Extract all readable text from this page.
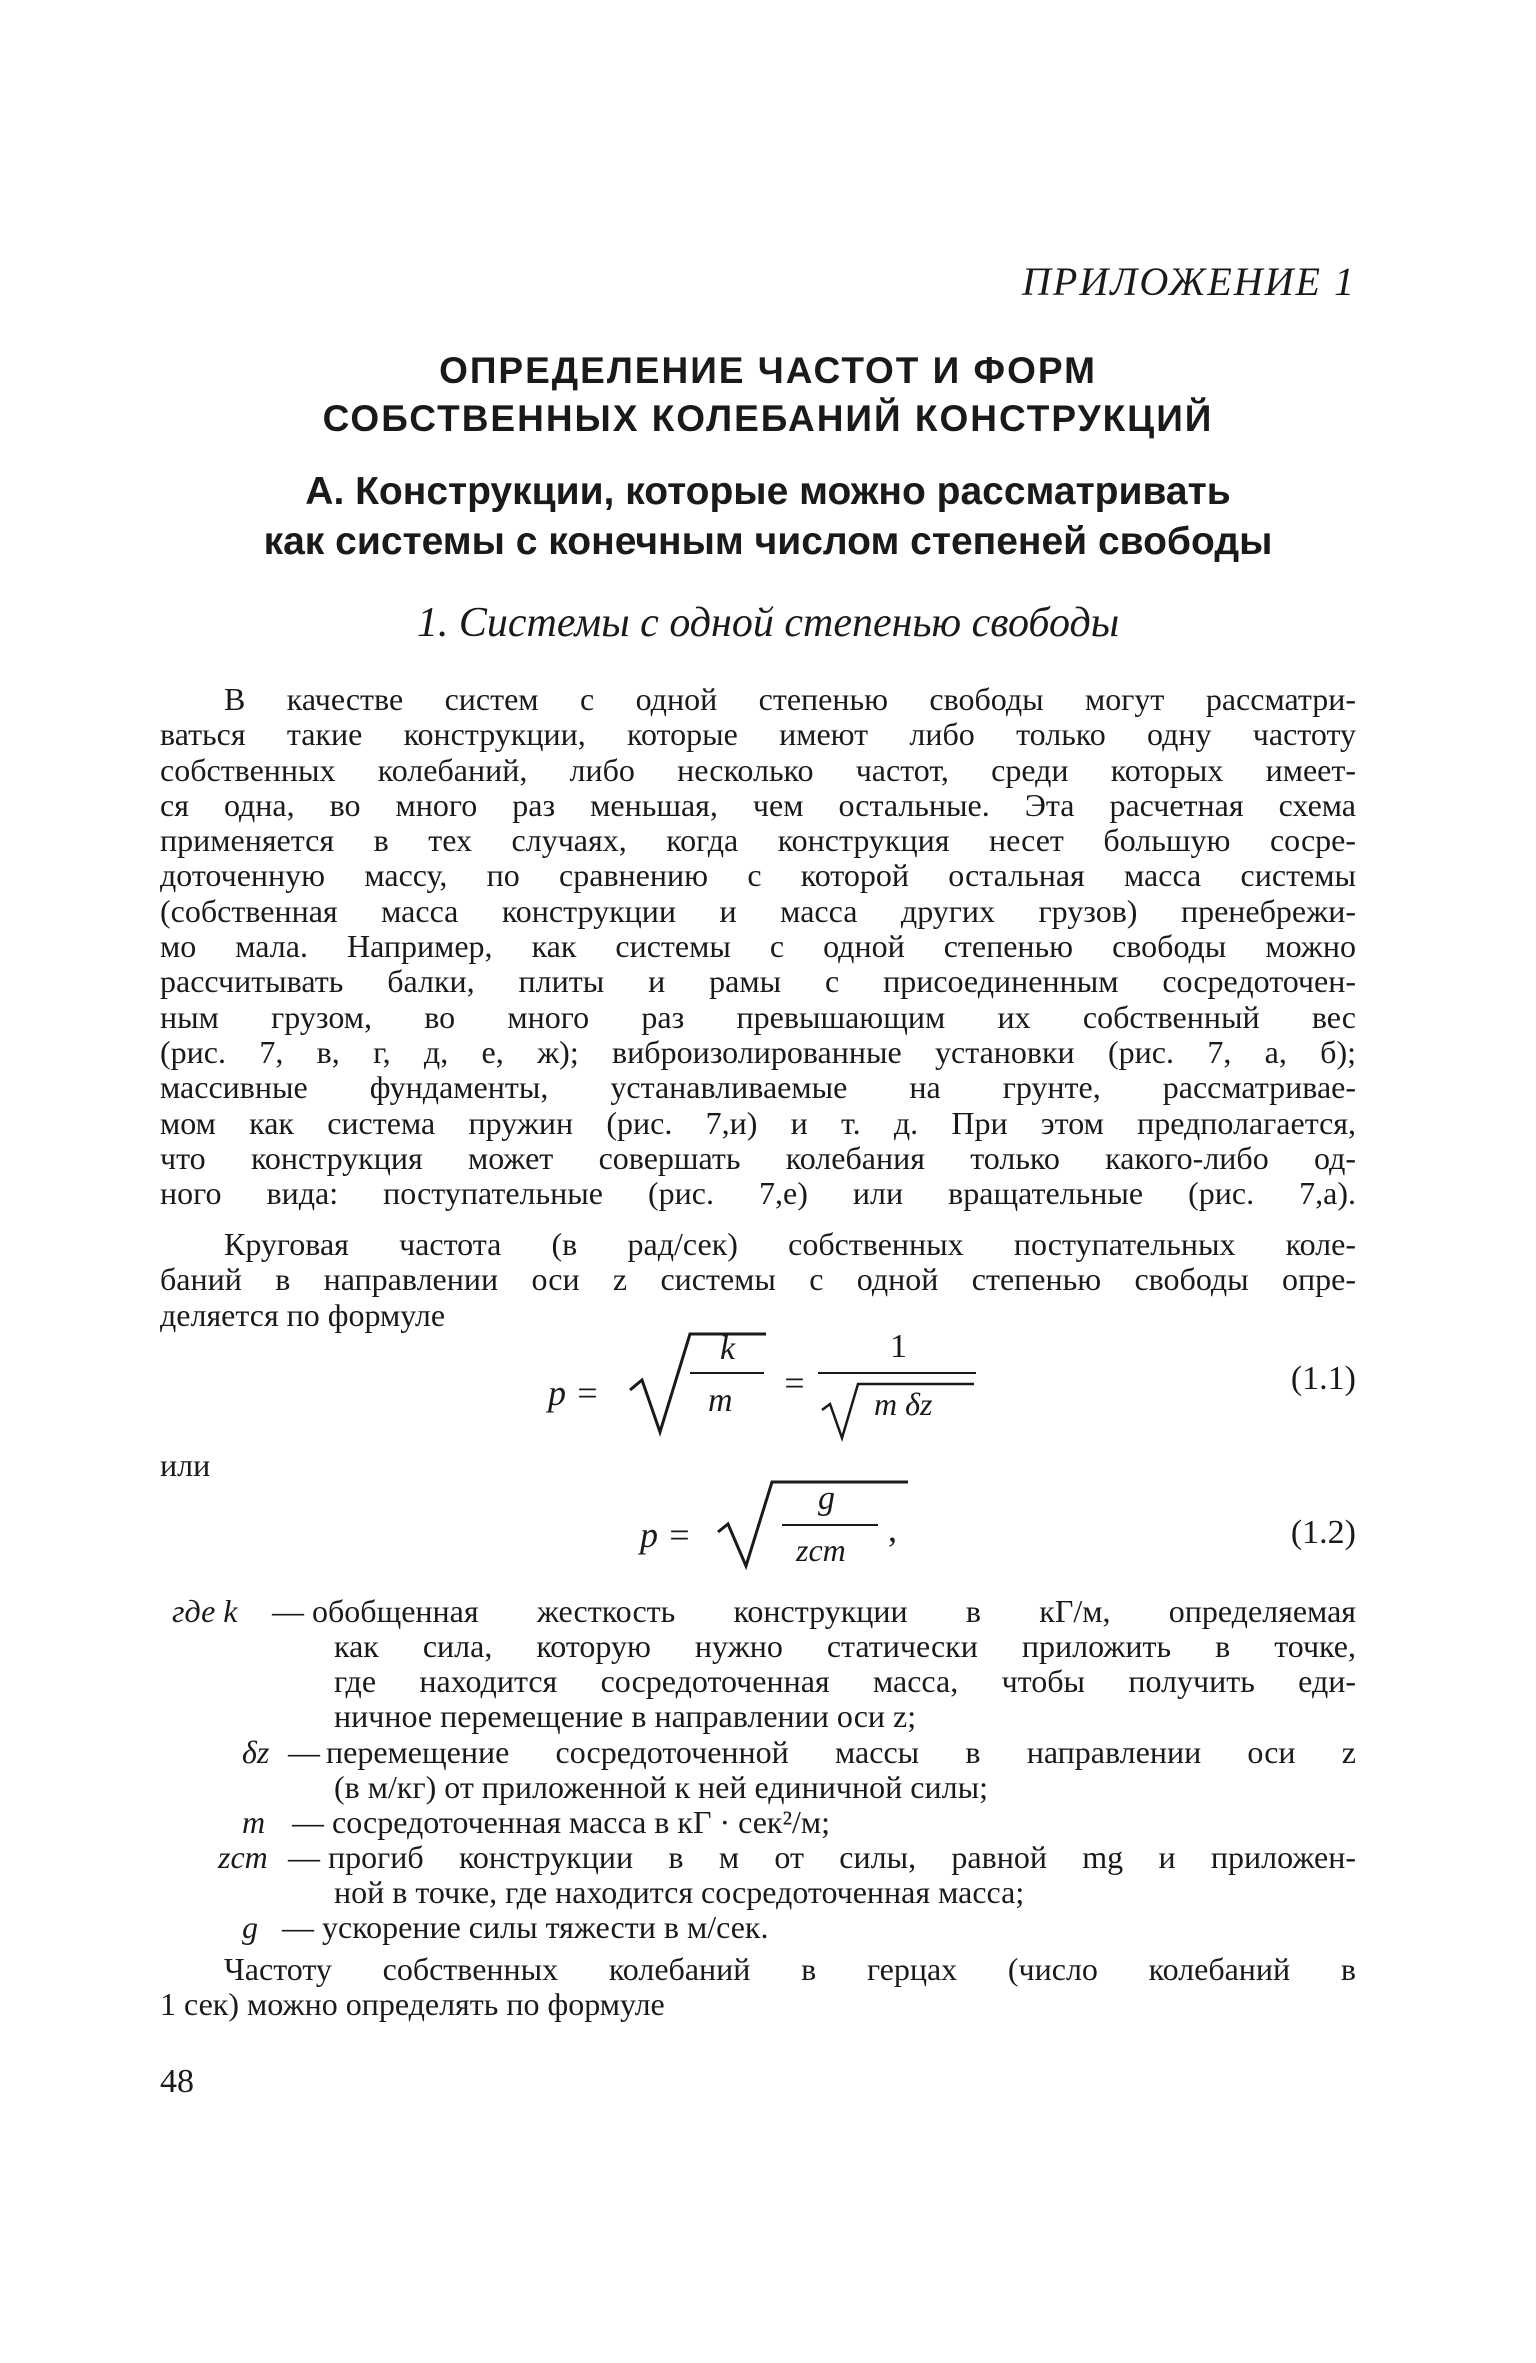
ПРИЛОЖЕНИЕ 1
ОПРЕДЕЛЕНИЕ ЧАСТОТ И ФОРМ
СОБСТВЕННЫХ КОЛЕБАНИЙ КОНСТРУКЦИЙ
А. Конструкции, которые можно рассматривать
как системы с конечным числом степеней свободы
1. Системы с одной степенью свободы
В качестве систем с одной степенью свободы могут рассматри-
ваться такие конструкции, которые имеют либо только одну частоту
собственных колебаний, либо несколько частот, среди которых имеет-
ся одна, во много раз меньшая, чем остальные. Эта расчетная схема
применяется в тех случаях, когда конструкция несет большую сосре-
доточенную массу, по сравнению с которой остальная масса системы
(собственная масса конструкции и масса других грузов) пренебрежи-
мо мала. Например, как системы с одной степенью свободы можно
рассчитывать балки, плиты и рамы с присоединенным сосредоточен-
ным грузом, во много раз превышающим их собственный вес
(рис. 7, в, г, д, е, ж); виброизолированные установки (рис. 7, а, б);
массивные фундаменты, устанавливаемые на грунте, рассматривае-
мом как система пружин (рис. 7,и) и т. д. При этом предполагается,
что конструкция может совершать колебания только какого-либо од-
ного вида: поступательные (рис. 7,е) или вращательные (рис. 7,а).
Круговая частота (в рад/сек) собственных поступательных коле-
баний в направлении оси z системы с одной степенью свободы опре-
деляется по формуле
p =
k
m =
1
m δz
(1.1)
или
p =
g
zст
,	(1.2)
где k — обобщенная жесткость конструкции в кГ/м, определяемая
как сила, которую нужно статически приложить в точке,
где находится сосредоточенная масса, чтобы получить еди-
ничное перемещение в направлении оси z;
δz — перемещение сосредоточенной массы в направлении оси z
(в м/кг) от приложенной к ней единичной силы;
m — сосредоточенная масса в кГ · сек²/м;
zст — прогиб конструкции в м от силы, равной mg и приложен-
ной в точке, где находится сосредоточенная масса;
g — ускорение силы тяжести в м/сек.
Частоту собственных колебаний в герцах (число колебаний в
1 сек) можно определять по формуле
48
